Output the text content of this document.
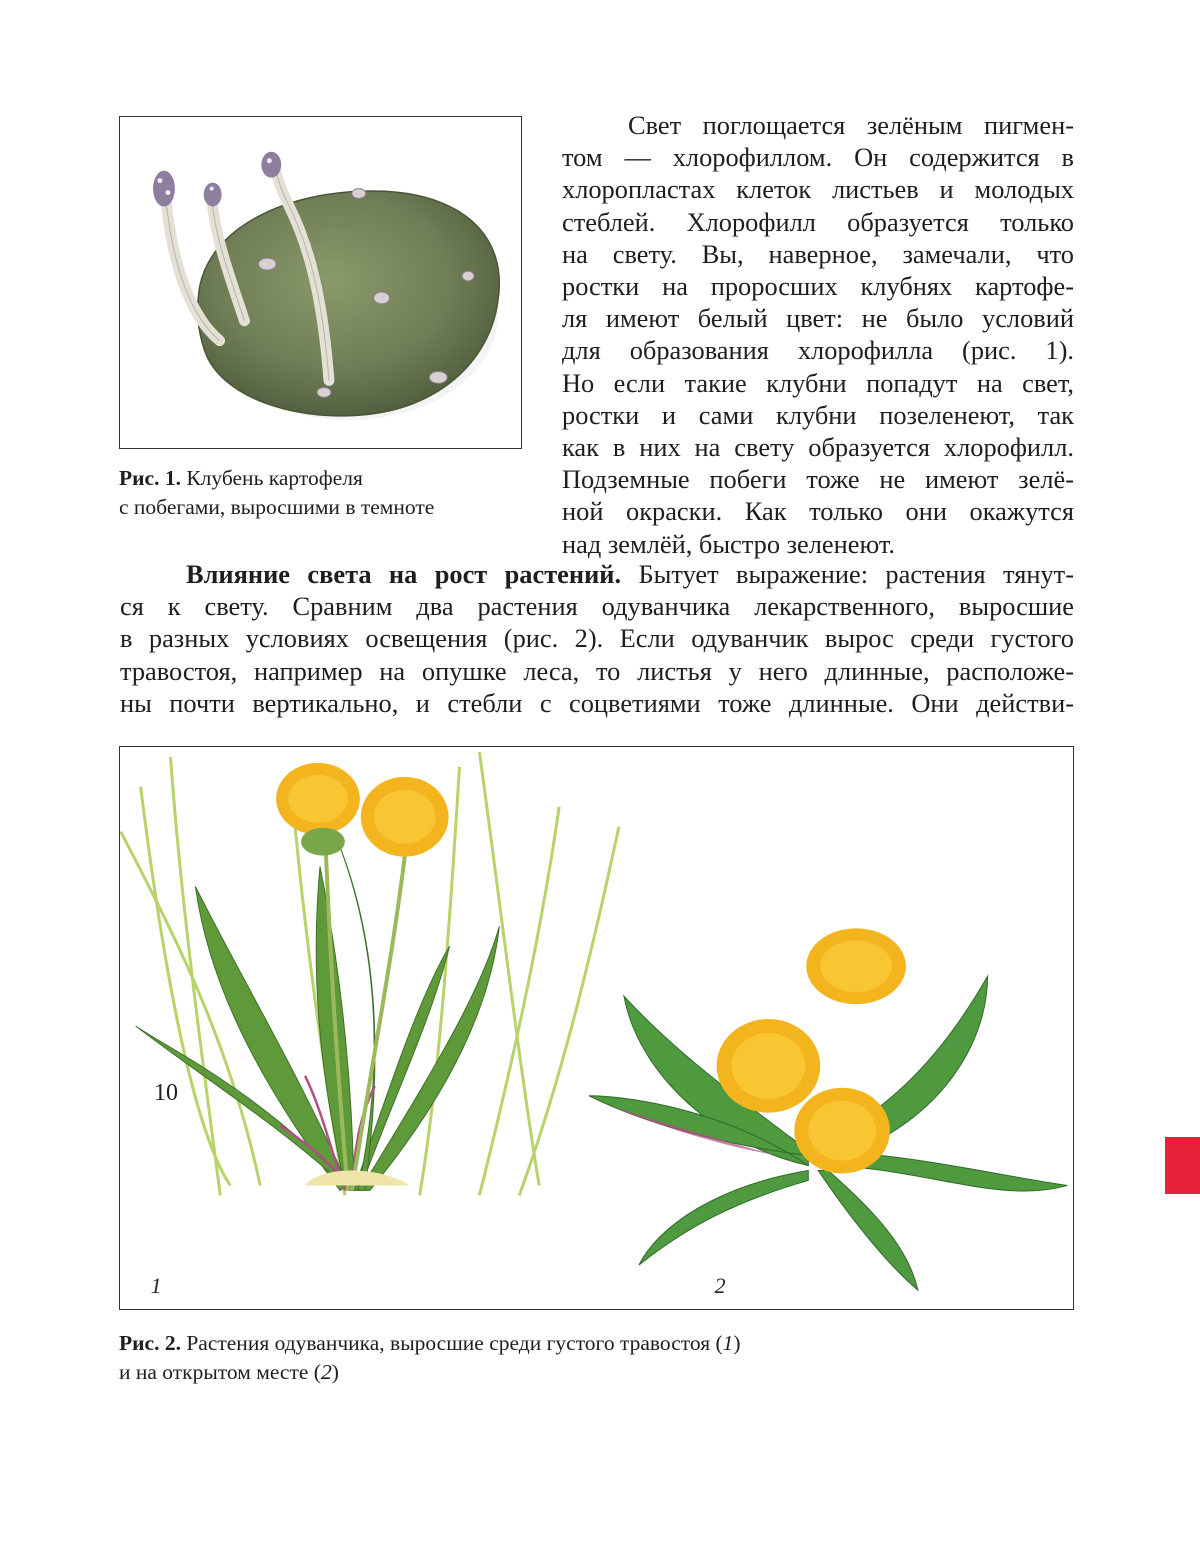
Рис. 1. Клубень картофеля
с побегами, выросшими в темноте
Свет поглощается зелёным пигмен-
том — хлорофиллом. Он содержится в
хлоропластах клеток листьев и молодых
стеблей. Хлорофилл образуется только
на свету. Вы, наверное, замечали, что
ростки на проросших клубнях картофе-
ля имеют белый цвет: не было условий
для образования хлорофилла (рис. 1).
Но если такие клубни попадут на свет,
ростки и сами клубни позеленеют, так
как в них на свету образуется хлорофилл.
Подземные побеги тоже не имеют зелё-
ной окраски. Как только они окажутся
над землёй, быстро зеленеют.
Влияние света на рост растений. Бытует выражение: растения тянут-
ся к свету. Сравним два растения одуванчика лекарственного, выросшие
в разных условиях освещения (рис. 2). Если одуванчик вырос среди густого
травостоя, например на опушке леса, то листья у него длинные, расположе-
ны почти вертикально, и стебли с соцветиями тоже длинные. Они действи-
1	2
Рис. 2. Растения одуванчика, выросшие среди густого травостоя (1)
и на открытом месте (2)
10
